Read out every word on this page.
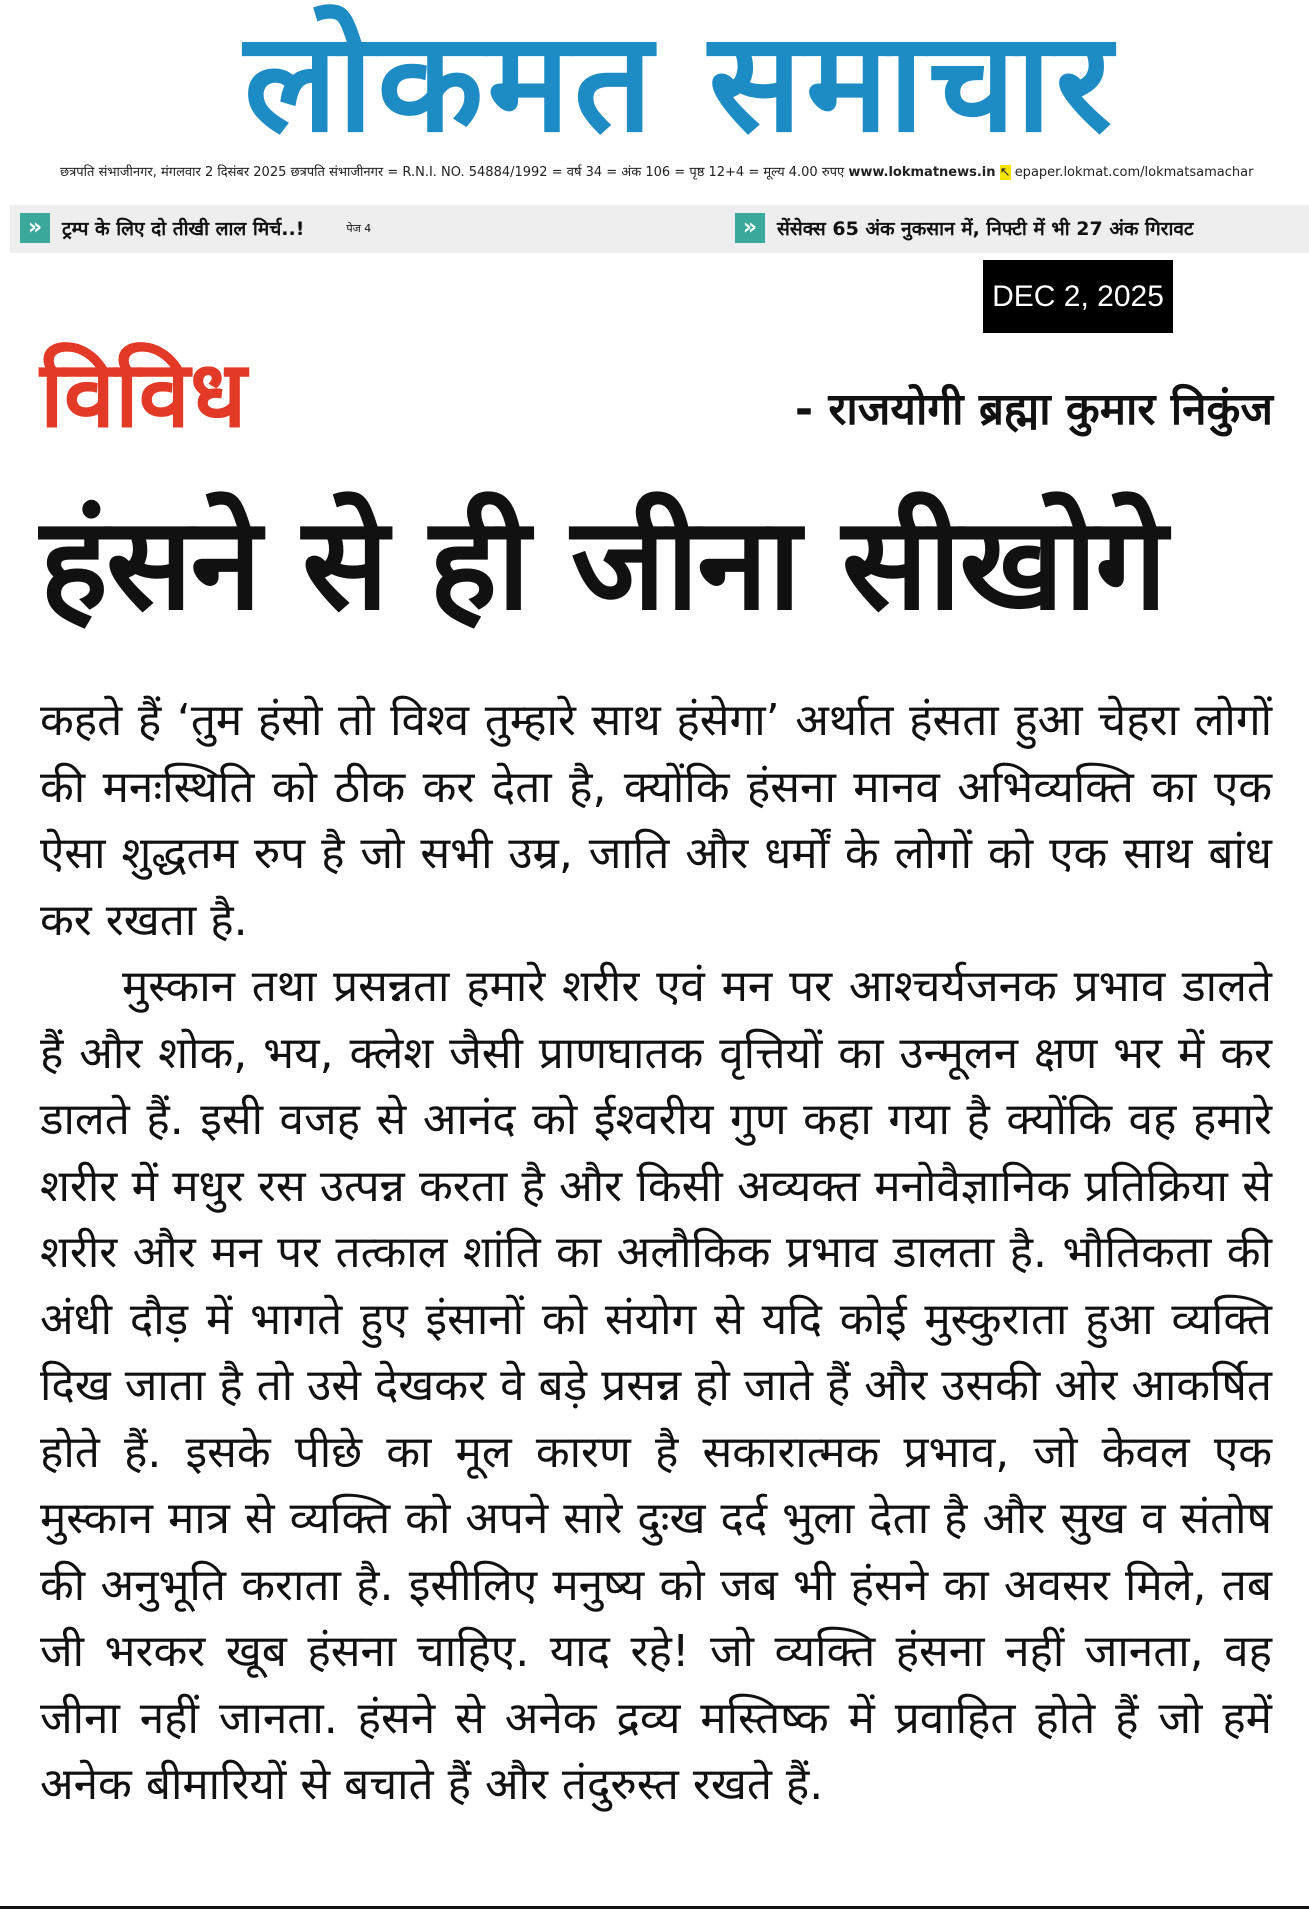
लोकमत समाचार
छत्रपति संभाजीनगर, मंगलवार 2 दिसंबर 2025 छत्रपति संभाजीनगर = R.N.I. NO. 54884/1992 = वर्ष 34 = अंक 106 = पृष्ठ 12+4 = मूल्य 4.00 रुपए www.lokmatnews.in ↖ epaper.lokmat.com/lokmatsamachar
»	ट्रम्प के लिए दो तीखी लाल मिर्च..!	पेज 4	»	सेंसेक्स 65 अंक नुकसान में, निफ्टी में भी 27 अंक गिरावट
DEC 2, 2025
विविध	- राजयोगी ब्रह्मा कुमार निकुंज
हंसने से ही जीना सीखोगे

कहते हैं ‘तुम हंसो तो विश्व तुम्हारे साथ हंसेगा’ अर्थात हंसता हुआ चेहरा लोगों की मनःस्थिति को ठीक कर देता है, क्योंकि हंसना मानव अभिव्यक्ति का एक ऐसा शुद्धतम रुप है जो सभी उम्र, जाति और धर्मों के लोगों को एक साथ बांध कर रखता है.

मुस्कान तथा प्रसन्नता हमारे शरीर एवं मन पर आश्चर्यजनक प्रभाव डालते हैं और शोक, भय, क्लेश जैसी प्राणघातक वृत्तियों का उन्मूलन क्षण भर में कर डालते हैं. इसी वजह से आनंद को ईश्वरीय गुण कहा गया है क्योंकि वह हमारे शरीर में मधुर रस उत्पन्न करता है और किसी अव्यक्त मनोवैज्ञानिक प्रतिक्रिया से शरीर और मन पर तत्काल शांति का अलौकिक प्रभाव डालता है. भौतिकता की अंधी दौड़ में भागते हुए इंसानों को संयोग से यदि कोई मुस्कुराता हुआ व्यक्ति दिख जाता है तो उसे देखकर वे बड़े प्रसन्न हो जाते हैं और उसकी ओर आकर्षित होते हैं. इसके पीछे का मूल कारण है सकारात्मक प्रभाव, जो केवल एक मुस्कान मात्र से व्यक्ति को अपने सारे दुःख दर्द भुला देता है और सुख व संतोष की अनुभूति कराता है. इसीलिए मनुष्य को जब भी हंसने का अवसर मिले, तब जी भरकर खूब हंसना चाहिए. याद रहे! जो व्यक्ति हंसना नहीं जानता, वह जीना नहीं जानता. हंसने से अनेक द्रव्य मस्तिष्क में प्रवाहित होते हैं जो हमें अनेक बीमारियों से बचाते हैं और तंदुरुस्त रखते हैं.
